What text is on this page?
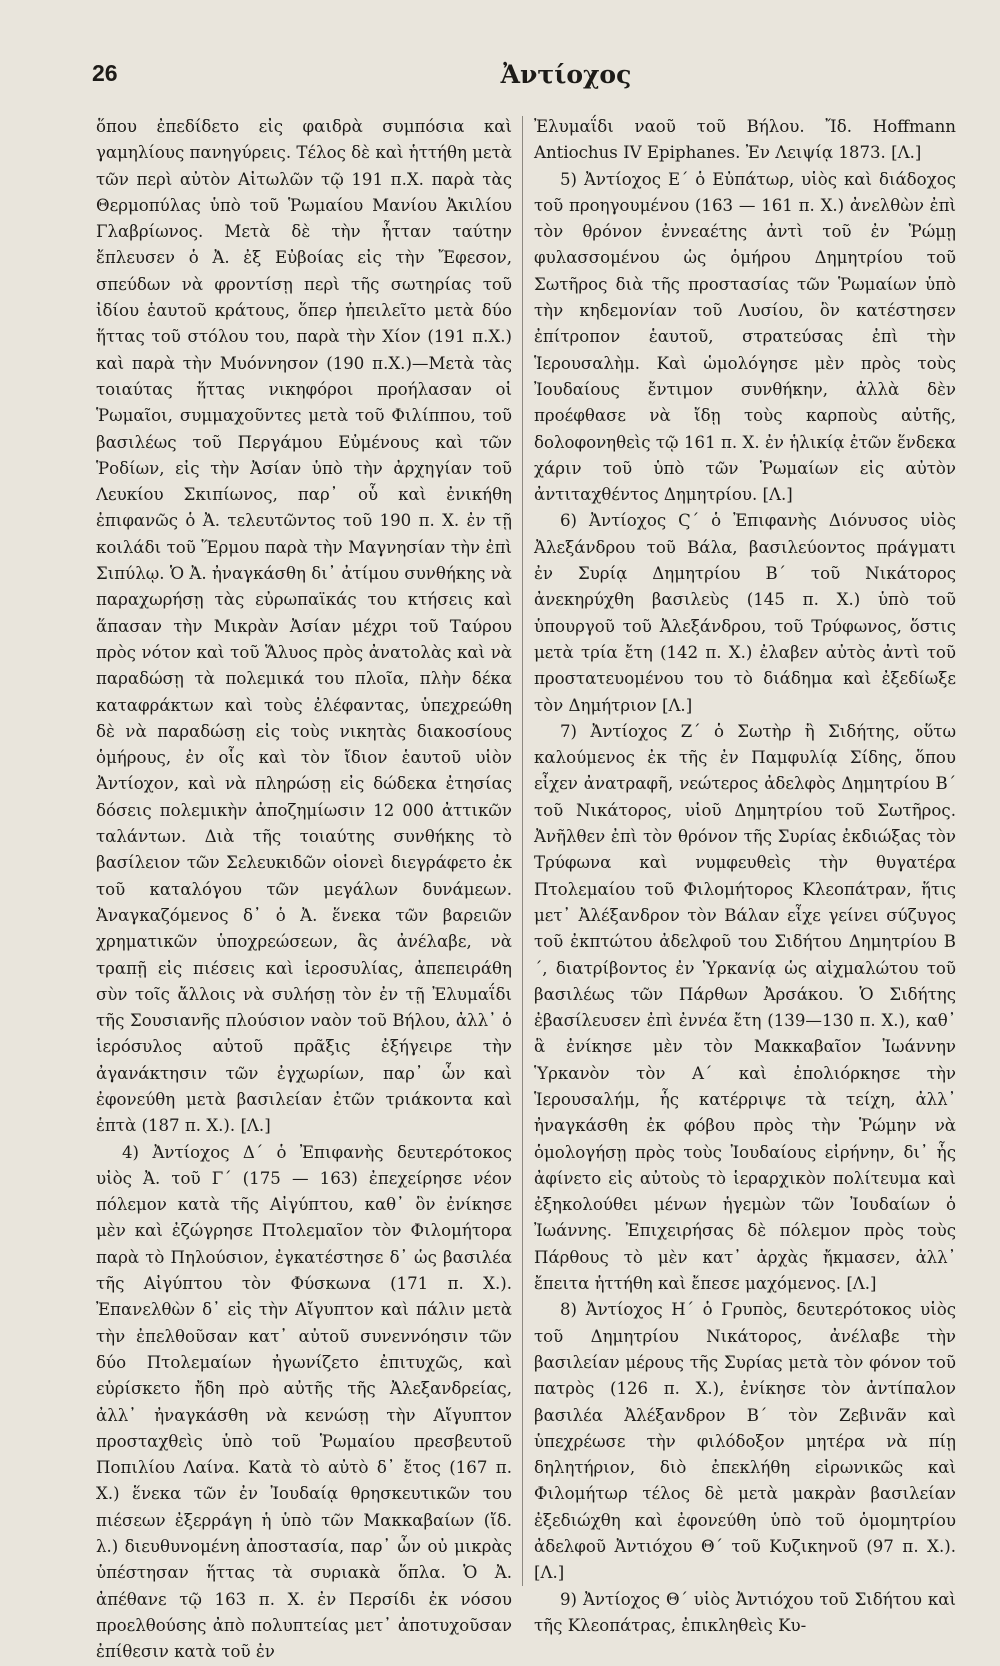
26	Ἀντίοχος

ὅπου ἐπεδίδετο εἰς φαιδρὰ συμπόσια καὶ γαμηλίους πανηγύρεις. Τέλος δὲ καὶ ἡττήθη μετὰ τῶν περὶ αὐτὸν Αἰτωλῶν τῷ 191 π.Χ. παρὰ τὰς Θερμοπύλας ὑπὸ τοῦ Ῥωμαίου Μανίου Ἀκιλίου Γλαβρίωνος. Μετὰ δὲ τὴν ἧτταν ταύτην ἔπλευσεν ὁ Ἀ. ἐξ Εὐβοίας εἰς τὴν Ἔφεσον, σπεύδων νὰ φροντίσῃ περὶ τῆς σωτηρίας τοῦ ἰδίου ἑαυτοῦ κράτους, ὅπερ ἠπειλεῖτο μετὰ δύο ἥττας τοῦ στόλου του, παρὰ τὴν Χίον (191 π.Χ.) καὶ παρὰ τὴν Μυόννησον (190 π.Χ.)—Μετὰ τὰς τοιαύτας ἥττας νικηφόροι προήλασαν οἱ Ῥωμαῖοι, συμμαχοῦντες μετὰ τοῦ Φιλίππου, τοῦ βασιλέως τοῦ Περγάμου Εὐμένους καὶ τῶν Ῥοδίων, εἰς τὴν Ἀσίαν ὑπὸ τὴν ἀρχηγίαν τοῦ Λευκίου Σκιπίωνος, παρ᾽ οὗ καὶ ἐνικήθη ἐπιφανῶς ὁ Ἀ. τελευτῶντος τοῦ 190 π. Χ. ἐν τῇ κοιλάδι τοῦ Ἕρμου παρὰ τὴν Μαγνησίαν τὴν ἐπὶ Σιπύλῳ. Ὁ Ἀ. ἠναγκάσθη δι᾽ ἀτίμου συνθήκης νὰ παραχωρήσῃ τὰς εὐρωπαϊκάς του κτήσεις καὶ ἅπασαν τὴν Μικρὰν Ἀσίαν μέχρι τοῦ Ταύρου πρὸς νότον καὶ τοῦ Ἅλυος πρὸς ἀνατολὰς καὶ νὰ παραδώσῃ τὰ πολεμικά του πλοῖα, πλὴν δέκα καταφράκτων καὶ τοὺς ἐλέφαντας, ὑπεχρεώθη δὲ νὰ παραδώσῃ εἰς τοὺς νικητὰς διακοσίους ὁμήρους, ἐν οἷς καὶ τὸν ἴδιον ἑαυτοῦ υἱὸν Ἀντίοχον, καὶ νὰ πληρώσῃ εἰς δώδεκα ἐτησίας δόσεις πολεμικὴν ἀποζημίωσιν 12 000 ἀττικῶν ταλάντων. Διὰ τῆς τοιαύτης συνθήκης τὸ βασίλειον τῶν Σελευκιδῶν οἱονεὶ διεγράφετο ἐκ τοῦ καταλόγου τῶν μεγάλων δυνάμεων. Ἀναγκαζόμενος δ᾽ ὁ Ἀ. ἕνεκα τῶν βαρειῶν χρηματικῶν ὑποχρεώσεων, ἃς ἀνέλαβε, νὰ τραπῇ εἰς πιέσεις καὶ ἱεροσυλίας, ἀπεπειράθη σὺν τοῖς ἄλλοις νὰ συλήσῃ τὸν ἐν τῇ Ἐλυμαΐδι τῆς Σουσιανῆς πλούσιον ναὸν τοῦ Βήλου, ἀλλ᾽ ὁ ἱερόσυλος αὐτοῦ πρᾶξις ἐξήγειρε τὴν ἀγανάκτησιν τῶν ἐγχωρίων, παρ᾽ ὧν καὶ ἐφονεύθη μετὰ βασιλείαν ἐτῶν τριάκοντα καὶ ἑπτὰ (187 π. Χ.). [Λ.]

4) Ἀντίοχος Δ´ ὁ Ἐπιφανὴς δευτερότοκος υἱὸς Ἀ. τοῦ Γ´ (175 — 163) ἐπεχείρησε νέον πόλεμον κατὰ τῆς Αἰγύπτου, καθ᾽ ὃν ἐνίκησε μὲν καὶ ἐζώγρησε Πτολεμαῖον τὸν Φιλομήτορα παρὰ τὸ Πηλούσιον, ἐγκατέστησε δ᾽ ὡς βασιλέα τῆς Αἰγύπτου τὸν Φύσκωνα (171 π. Χ.). Ἐπανελθὼν δ᾽ εἰς τὴν Αἴγυπτον καὶ πάλιν μετὰ τὴν ἐπελθοῦσαν κατ᾽ αὐτοῦ συνεννόησιν τῶν δύο Πτολεμαίων ἠγωνίζετο ἐπιτυχῶς, καὶ εὑρίσκετο ἤδη πρὸ αὐτῆς τῆς Ἀλεξανδρείας, ἀλλ᾽ ἠναγκάσθη νὰ κενώσῃ τὴν Αἴγυπτον προσταχθεὶς ὑπὸ τοῦ Ῥωμαίου πρεσβευτοῦ Ποπιλίου Λαίνα. Κατὰ τὸ αὐτὸ δ᾽ ἔτος (167 π. Χ.) ἕνεκα τῶν ἐν Ἰουδαίᾳ θρησκευτικῶν του πιέσεων ἐξερράγη ἡ ὑπὸ τῶν Μακκαβαίων (ἴδ. λ.) διευθυνομένη ἀποστασία, παρ᾽ ὧν οὐ μικρὰς ὑπέστησαν ἥττας τὰ συριακὰ ὅπλα. Ὁ Ἀ. ἀπέθανε τῷ 163 π. Χ. ἐν Περσίδι ἐκ νόσου προελθούσης ἀπὸ πολυπτείας μετ᾽ ἀποτυχοῦσαν ἐπίθεσιν κατὰ τοῦ ἐν

Ἐλυμαΐδι ναοῦ τοῦ Βήλου. Ἴδ. Hoffmann Antiochus IV Epiphanes. Ἐν Λειψίᾳ 1873. [Λ.]

5) Ἀντίοχος Ε´ ὁ Εὐπάτωρ, υἱὸς καὶ διάδοχος τοῦ προηγουμένου (163 — 161 π. Χ.) ἀνελθὼν ἐπὶ τὸν θρόνον ἐννεαέτης ἀντὶ τοῦ ἐν Ῥώμῃ φυλασσομένου ὡς ὁμήρου Δημητρίου τοῦ Σωτῆρος διὰ τῆς προστασίας τῶν Ῥωμαίων ὑπὸ τὴν κηδεμονίαν τοῦ Λυσίου, ὃν κατέστησεν ἐπίτροπον ἑαυτοῦ, στρατεύσας ἐπὶ τὴν Ἱερουσαλὴμ. Καὶ ὡμολόγησε μὲν πρὸς τοὺς Ἰουδαίους ἔντιμον συνθήκην, ἀλλὰ δὲν προέφθασε νὰ ἴδῃ τοὺς καρποὺς αὐτῆς, δολοφονηθεὶς τῷ 161 π. Χ. ἐν ἡλικίᾳ ἐτῶν ἕνδεκα χάριν τοῦ ὑπὸ τῶν Ῥωμαίων εἰς αὐτὸν ἀντιταχθέντος Δημητρίου. [Λ.]

6) Ἀντίοχος Ϛ´ ὁ Ἐπιφανὴς Διόνυσος υἱὸς Ἀλεξάνδρου τοῦ Βάλα, βασιλεύοντος πράγματι ἐν Συρίᾳ Δημητρίου Β´ τοῦ Νικάτορος ἀνεκηρύχθη βασιλεὺς (145 π. Χ.) ὑπὸ τοῦ ὑπουργοῦ τοῦ Ἀλεξάνδρου, τοῦ Τρύφωνος, ὅστις μετὰ τρία ἔτη (142 π. Χ.) ἐλαβεν αὐτὸς ἀντὶ τοῦ προστατευομένου του τὸ διάδημα καὶ ἐξεδίωξε τὸν Δημήτριον [Λ.]

7) Ἀντίοχος Ζ´ ὁ Σωτὴρ ἢ Σιδήτης, οὕτω καλούμενος ἐκ τῆς ἐν Παμφυλίᾳ Σίδης, ὅπου εἶχεν ἀνατραφῆ, νεώτερος ἀδελφὸς Δημητρίου Β´ τοῦ Νικάτορος, υἱοῦ Δημητρίου τοῦ Σωτῆρος. Ἀνῆλθεν ἐπὶ τὸν θρόνον τῆς Συρίας ἐκδιώξας τὸν Τρύφωνα καὶ νυμφευθεὶς τὴν θυγατέρα Πτολεμαίου τοῦ Φιλομήτορος Κλεοπάτραν, ἥτις μετ᾽ Ἀλέξανδρον τὸν Βάλαν εἶχε γείνει σύζυγος τοῦ ἐκπτώτου ἀδελφοῦ του Σιδήτου Δημητρίου Β´, διατρίβοντος ἐν Ὑρκανίᾳ ὡς αἰχμαλώτου τοῦ βασιλέως τῶν Πάρθων Ἀρσάκου. Ὁ Σιδήτης ἐβασίλευσεν ἐπὶ ἐννέα ἔτη (139—130 π. Χ.), καθ᾽ ἃ ἐνίκησε μὲν τὸν Μακκαβαῖον Ἰωάννην Ὑρκανὸν τὸν Α´ καὶ ἐπολιόρκησε τὴν Ἱερουσαλήμ, ἧς κατέρριψε τὰ τείχη, ἀλλ᾽ ἠναγκάσθη ἐκ φόβου πρὸς τὴν Ῥώμην νὰ ὁμολογήσῃ πρὸς τοὺς Ἰουδαίους εἰρήνην, δι᾽ ἧς ἀφίνετο εἰς αὐτοὺς τὸ ἱεραρχικὸν πολίτευμα καὶ ἐξηκολούθει μένων ἡγεμὼν τῶν Ἰουδαίων ὁ Ἰωάννης. Ἐπιχειρήσας δὲ πόλεμον πρὸς τοὺς Πάρθους τὸ μὲν κατ᾽ ἀρχὰς ἤκμασεν, ἀλλ᾽ ἔπειτα ἡττήθη καὶ ἔπεσε μαχόμενος. [Λ.]

8) Ἀντίοχος Η´ ὁ Γρυπὸς, δευτερότοκος υἱὸς τοῦ Δημητρίου Νικάτορος, ἀνέλαβε τὴν βασιλείαν μέρους τῆς Συρίας μετὰ τὸν φόνον τοῦ πατρὸς (126 π. Χ.), ἐνίκησε τὸν ἀντίπαλον βασιλέα Ἀλέξανδρον Β´ τὸν Ζεβινᾶν καὶ ὑπεχρέωσε τὴν φιλόδοξον μητέρα νὰ πίῃ δηλητήριον, διὸ ἐπεκλήθη εἰρωνικῶς καὶ Φιλομήτωρ τέλος δὲ μετὰ μακρὰν βασιλείαν ἐξεδιώχθη καὶ ἐφονεύθη ὑπὸ τοῦ ὁμομητρίου ἀδελφοῦ Ἀντιόχου Θ´ τοῦ Κυζικηνοῦ (97 π. Χ.). [Λ.]

9) Ἀντίοχος Θ´ υἱὸς Ἀντιόχου τοῦ Σιδήτου καὶ τῆς Κλεοπάτρας, ἐπικληθεὶς Κυ-
